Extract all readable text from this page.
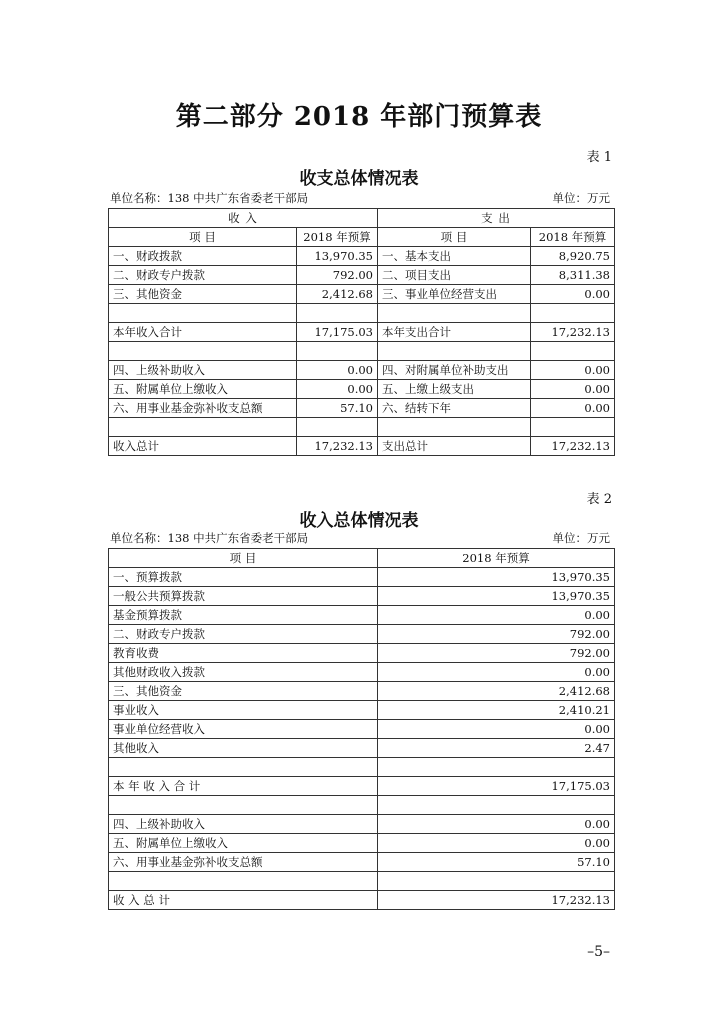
第二部分 2018 年部门预算表
表 1
收支总体情况表
单位名称：138 中共广东省委老干部局	单位：万元
收 入		支 出	
项 目	2018 年预算	项 目	2018 年预算
一、财政拨款	13,970.35	一、基本支出	8,920.75
二、财政专户拨款	792.00	二、项目支出	8,311.38
三、其他资金	2,412.68	三、事业单位经营支出	0.00

本年收入合计	17,175.03	本年支出合计	17,232.13

四、上级补助收入	0.00	四、对附属单位补助支出	0.00
五、附属单位上缴收入	0.00	五、上缴上级支出	0.00
六、用事业基金弥补收支总额	57.10	六、结转下年	0.00

收入总计	17,232.13	支出总计	17,232.13
表 2
收入总体情况表
单位名称：138 中共广东省委老干部局	单位：万元
项 目	2018 年预算
一、预算拨款	13,970.35
一般公共预算拨款	13,970.35
基金预算拨款	0.00
二、财政专户拨款	792.00
教育收费	792.00
其他财政收入拨款	0.00
三、其他资金	2,412.68
事业收入	2,410.21
事业单位经营收入	0.00
其他收入	2.47

本 年 收 入 合 计	17,175.03

四、上级补助收入	0.00
五、附属单位上缴收入	0.00
六、用事业基金弥补收支总额	57.10

收 入 总 计	17,232.13
–5–
